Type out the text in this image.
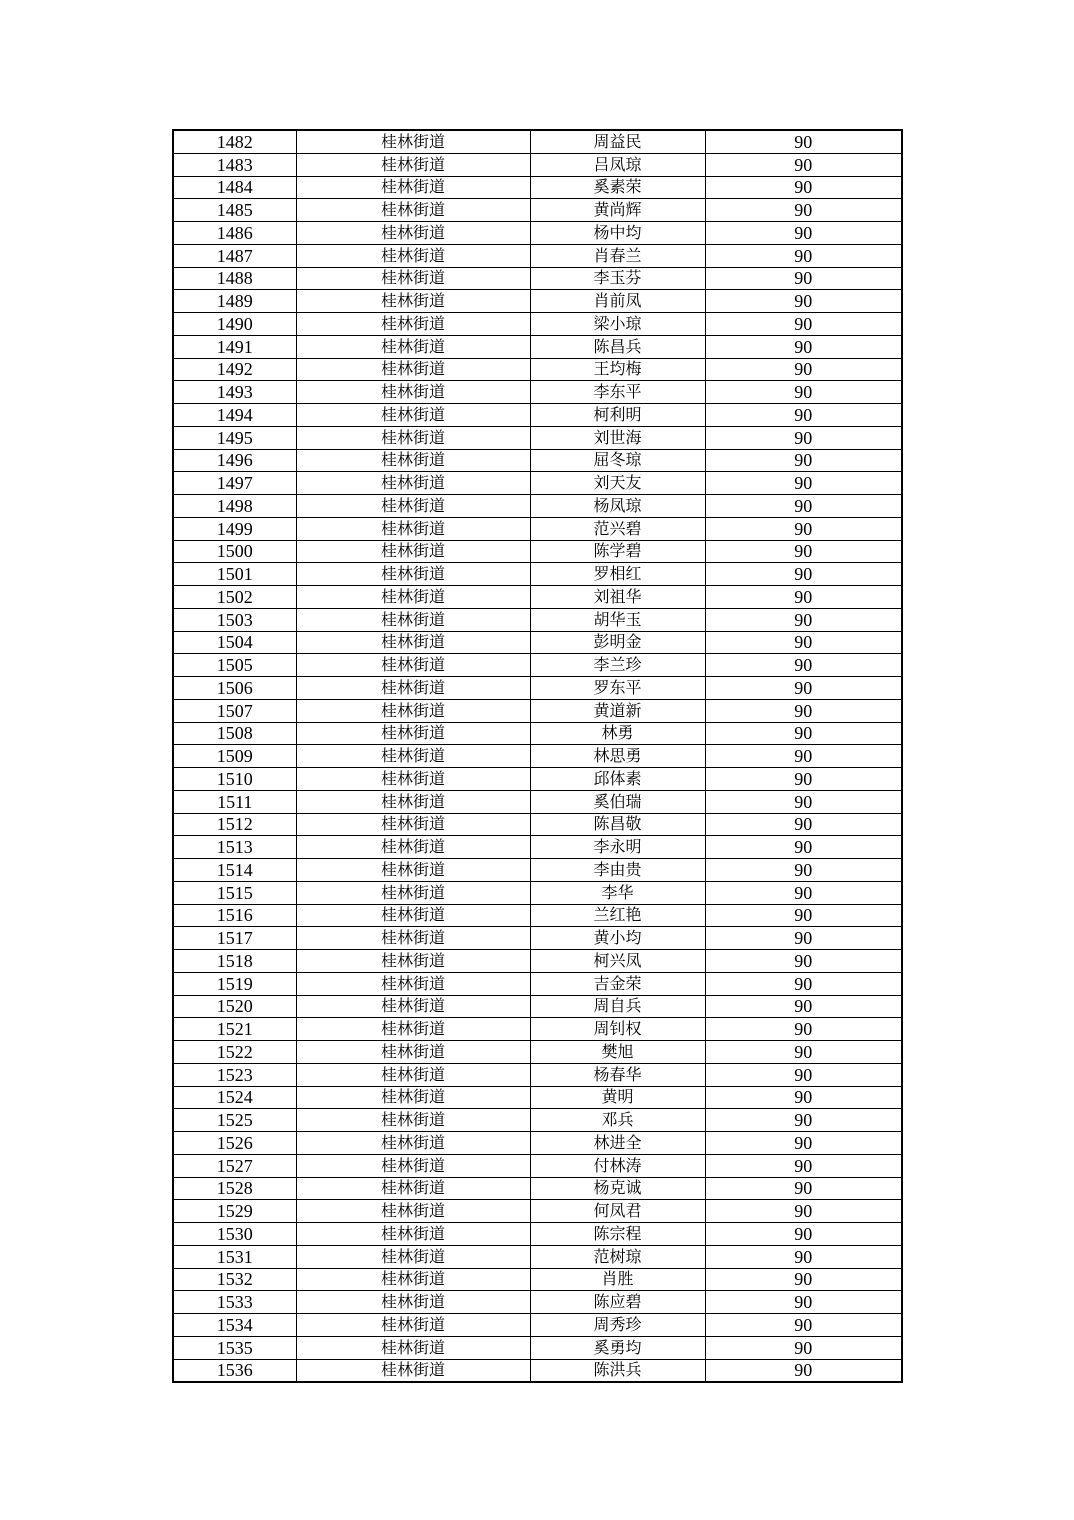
1482	桂林街道	周益民	90
1483	桂林街道	吕凤琼	90
1484	桂林街道	奚素荣	90
1485	桂林街道	黄尚辉	90
1486	桂林街道	杨中均	90
1487	桂林街道	肖春兰	90
1488	桂林街道	李玉芬	90
1489	桂林街道	肖前凤	90
1490	桂林街道	梁小琼	90
1491	桂林街道	陈昌兵	90
1492	桂林街道	王均梅	90
1493	桂林街道	李东平	90
1494	桂林街道	柯利明	90
1495	桂林街道	刘世海	90
1496	桂林街道	屈冬琼	90
1497	桂林街道	刘天友	90
1498	桂林街道	杨凤琼	90
1499	桂林街道	范兴碧	90
1500	桂林街道	陈学碧	90
1501	桂林街道	罗相红	90
1502	桂林街道	刘祖华	90
1503	桂林街道	胡华玉	90
1504	桂林街道	彭明金	90
1505	桂林街道	李兰珍	90
1506	桂林街道	罗东平	90
1507	桂林街道	黄道新	90
1508	桂林街道	林勇	90
1509	桂林街道	林思勇	90
1510	桂林街道	邱体素	90
1511	桂林街道	奚伯瑞	90
1512	桂林街道	陈昌敬	90
1513	桂林街道	李永明	90
1514	桂林街道	李由贵	90
1515	桂林街道	李华	90
1516	桂林街道	兰红艳	90
1517	桂林街道	黄小均	90
1518	桂林街道	柯兴凤	90
1519	桂林街道	吉金荣	90
1520	桂林街道	周自兵	90
1521	桂林街道	周钊权	90
1522	桂林街道	樊旭	90
1523	桂林街道	杨春华	90
1524	桂林街道	黄明	90
1525	桂林街道	邓兵	90
1526	桂林街道	林进全	90
1527	桂林街道	付林涛	90
1528	桂林街道	杨克诚	90
1529	桂林街道	何凤君	90
1530	桂林街道	陈宗程	90
1531	桂林街道	范树琼	90
1532	桂林街道	肖胜	90
1533	桂林街道	陈应碧	90
1534	桂林街道	周秀珍	90
1535	桂林街道	奚勇均	90
1536	桂林街道	陈洪兵	90
